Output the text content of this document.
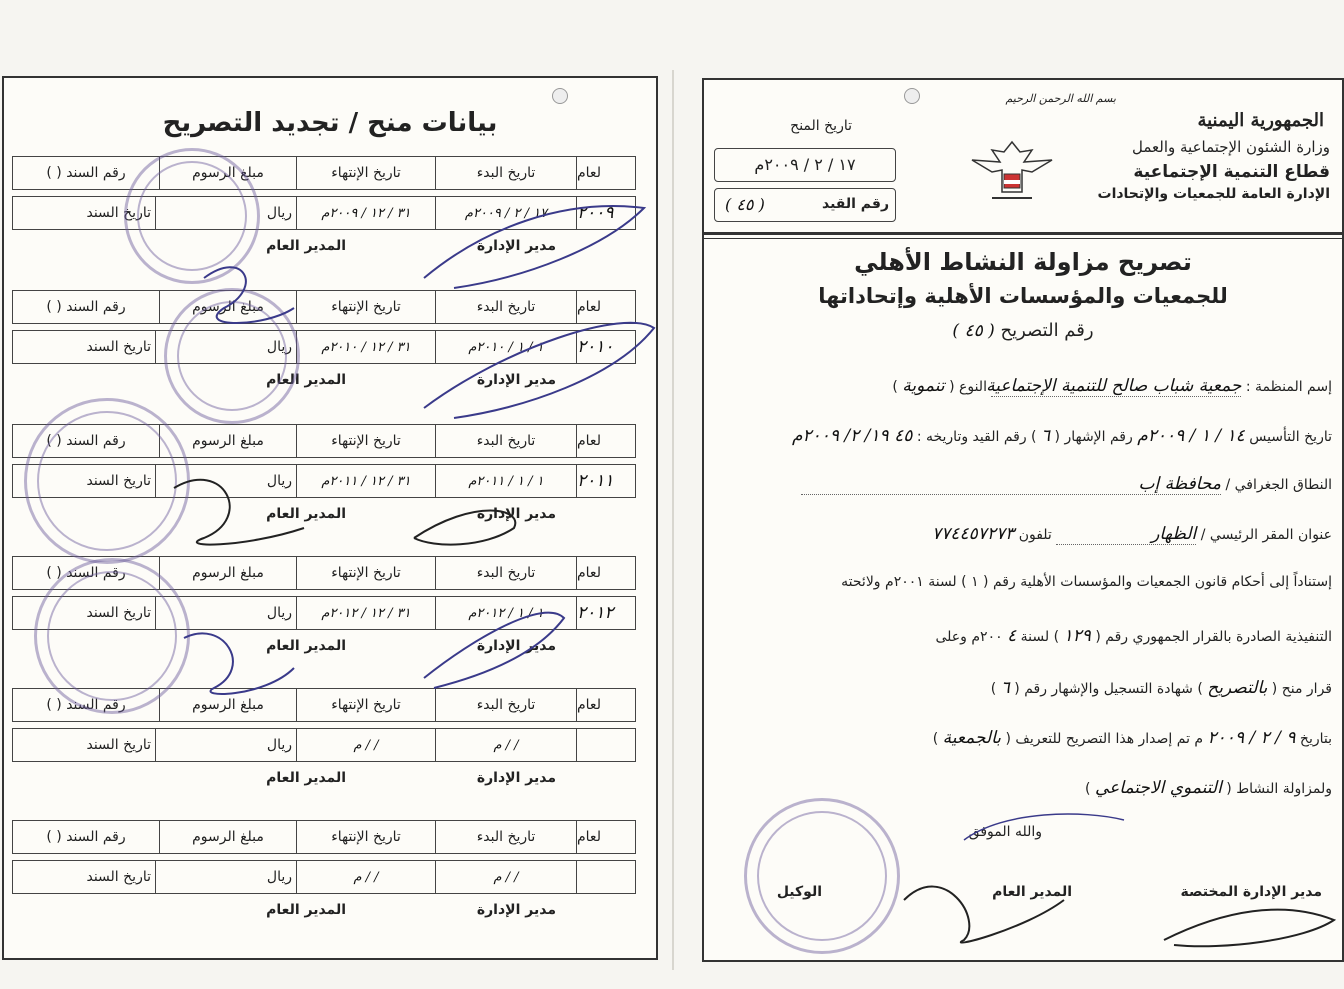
بيانات منح / تجديد التصريح
لعام
تاريخ البدء
تاريخ الإنتهاء
مبلغ الرسوم
رقم السند ( )
٢٠٠٩
١٧ / ٢ / ٢٠٠٩م
٣١ / ١٢ / ٢٠٠٩م
ريال
تاريخ السند
مدير الإدارة
المدير العام
لعام
تاريخ البدء
تاريخ الإنتهاء
مبلغ الرسوم
رقم السند ( )
٢٠١٠
١ / ١ / ٢٠١٠م
٣١ / ١٢ / ٢٠١٠م
ريال
تاريخ السند
مدير الإدارة
المدير العام
لعام
تاريخ البدء
تاريخ الإنتهاء
مبلغ الرسوم
رقم السند ( )
٢٠١١
١ / ١ / ٢٠١١م
٣١ / ١٢ / ٢٠١١م
ريال
تاريخ السند
مدير الإدارة
المدير العام
لعام
تاريخ البدء
تاريخ الإنتهاء
مبلغ الرسوم
رقم السند ( )
٢٠١٢
١ / ١ / ٢٠١٢م
٣١ / ١٢ / ٢٠١٢م
ريال
تاريخ السند
مدير الإدارة
المدير العام
لعام
تاريخ البدء
تاريخ الإنتهاء
مبلغ الرسوم
رقم السند ( )
/ / م
/ / م
ريال
تاريخ السند
مدير الإدارة
المدير العام
لعام
تاريخ البدء
تاريخ الإنتهاء
مبلغ الرسوم
رقم السند ( )
/ / م
/ / م
ريال
تاريخ السند
مدير الإدارة
المدير العام
بسم الله الرحمن الرحيم
الجمهورية اليمنية
وزارة الشئون الإجتماعية والعمل
قطاع التنمية الإجتماعية
الإدارة العامة للجمعيات والإتحادات
تاريخ المنح
١٧ / ٢ / ٢٠٠٩م
رقم القيد
( ٤٥ )
تصريح مزاولة النشاط الأهلي
للجمعيات والمؤسسات الأهلية وإتحاداتها
رقم التصريح ( ٤٥ )
إسم المنظمة : جمعية شباب صالح للتنمية الإجتماعية النوع ( تنموية )
تاريخ التأسيس ١٤ / ١ / ٢٠٠٩م رقم الإشهار ( ٦ ) رقم القيد وتاريخه : ٤٥ ١٩/ ٢/ ٢٠٠٩م
النطاق الجغرافي / محافظة إب
عنوان المقر الرئيسي / الظهار تلفون ٧٧٤٤٥٧٢٧٣
إستناداً إلى أحكام قانون الجمعيات والمؤسسات الأهلية رقم ( ١ ) لسنة ٢٠٠١م ولائحته
التنفيذية الصادرة بالقرار الجمهوري رقم ( ١٢٩ ) لسنة ٤ ٢٠٠م وعلى
قرار منح ( بالتصريح ) شهادة التسجيل والإشهار رقم ( ٦ )
بتاريخ ٩ / ٢ / ٢٠٠٩ م تم إصدار هذا التصريح للتعريف ( بالجمعية )
ولمزاولة النشاط ( التنموي الاجتماعي )
والله الموفق
مدير الإدارة المختصة
المدير العام
الوكيل
